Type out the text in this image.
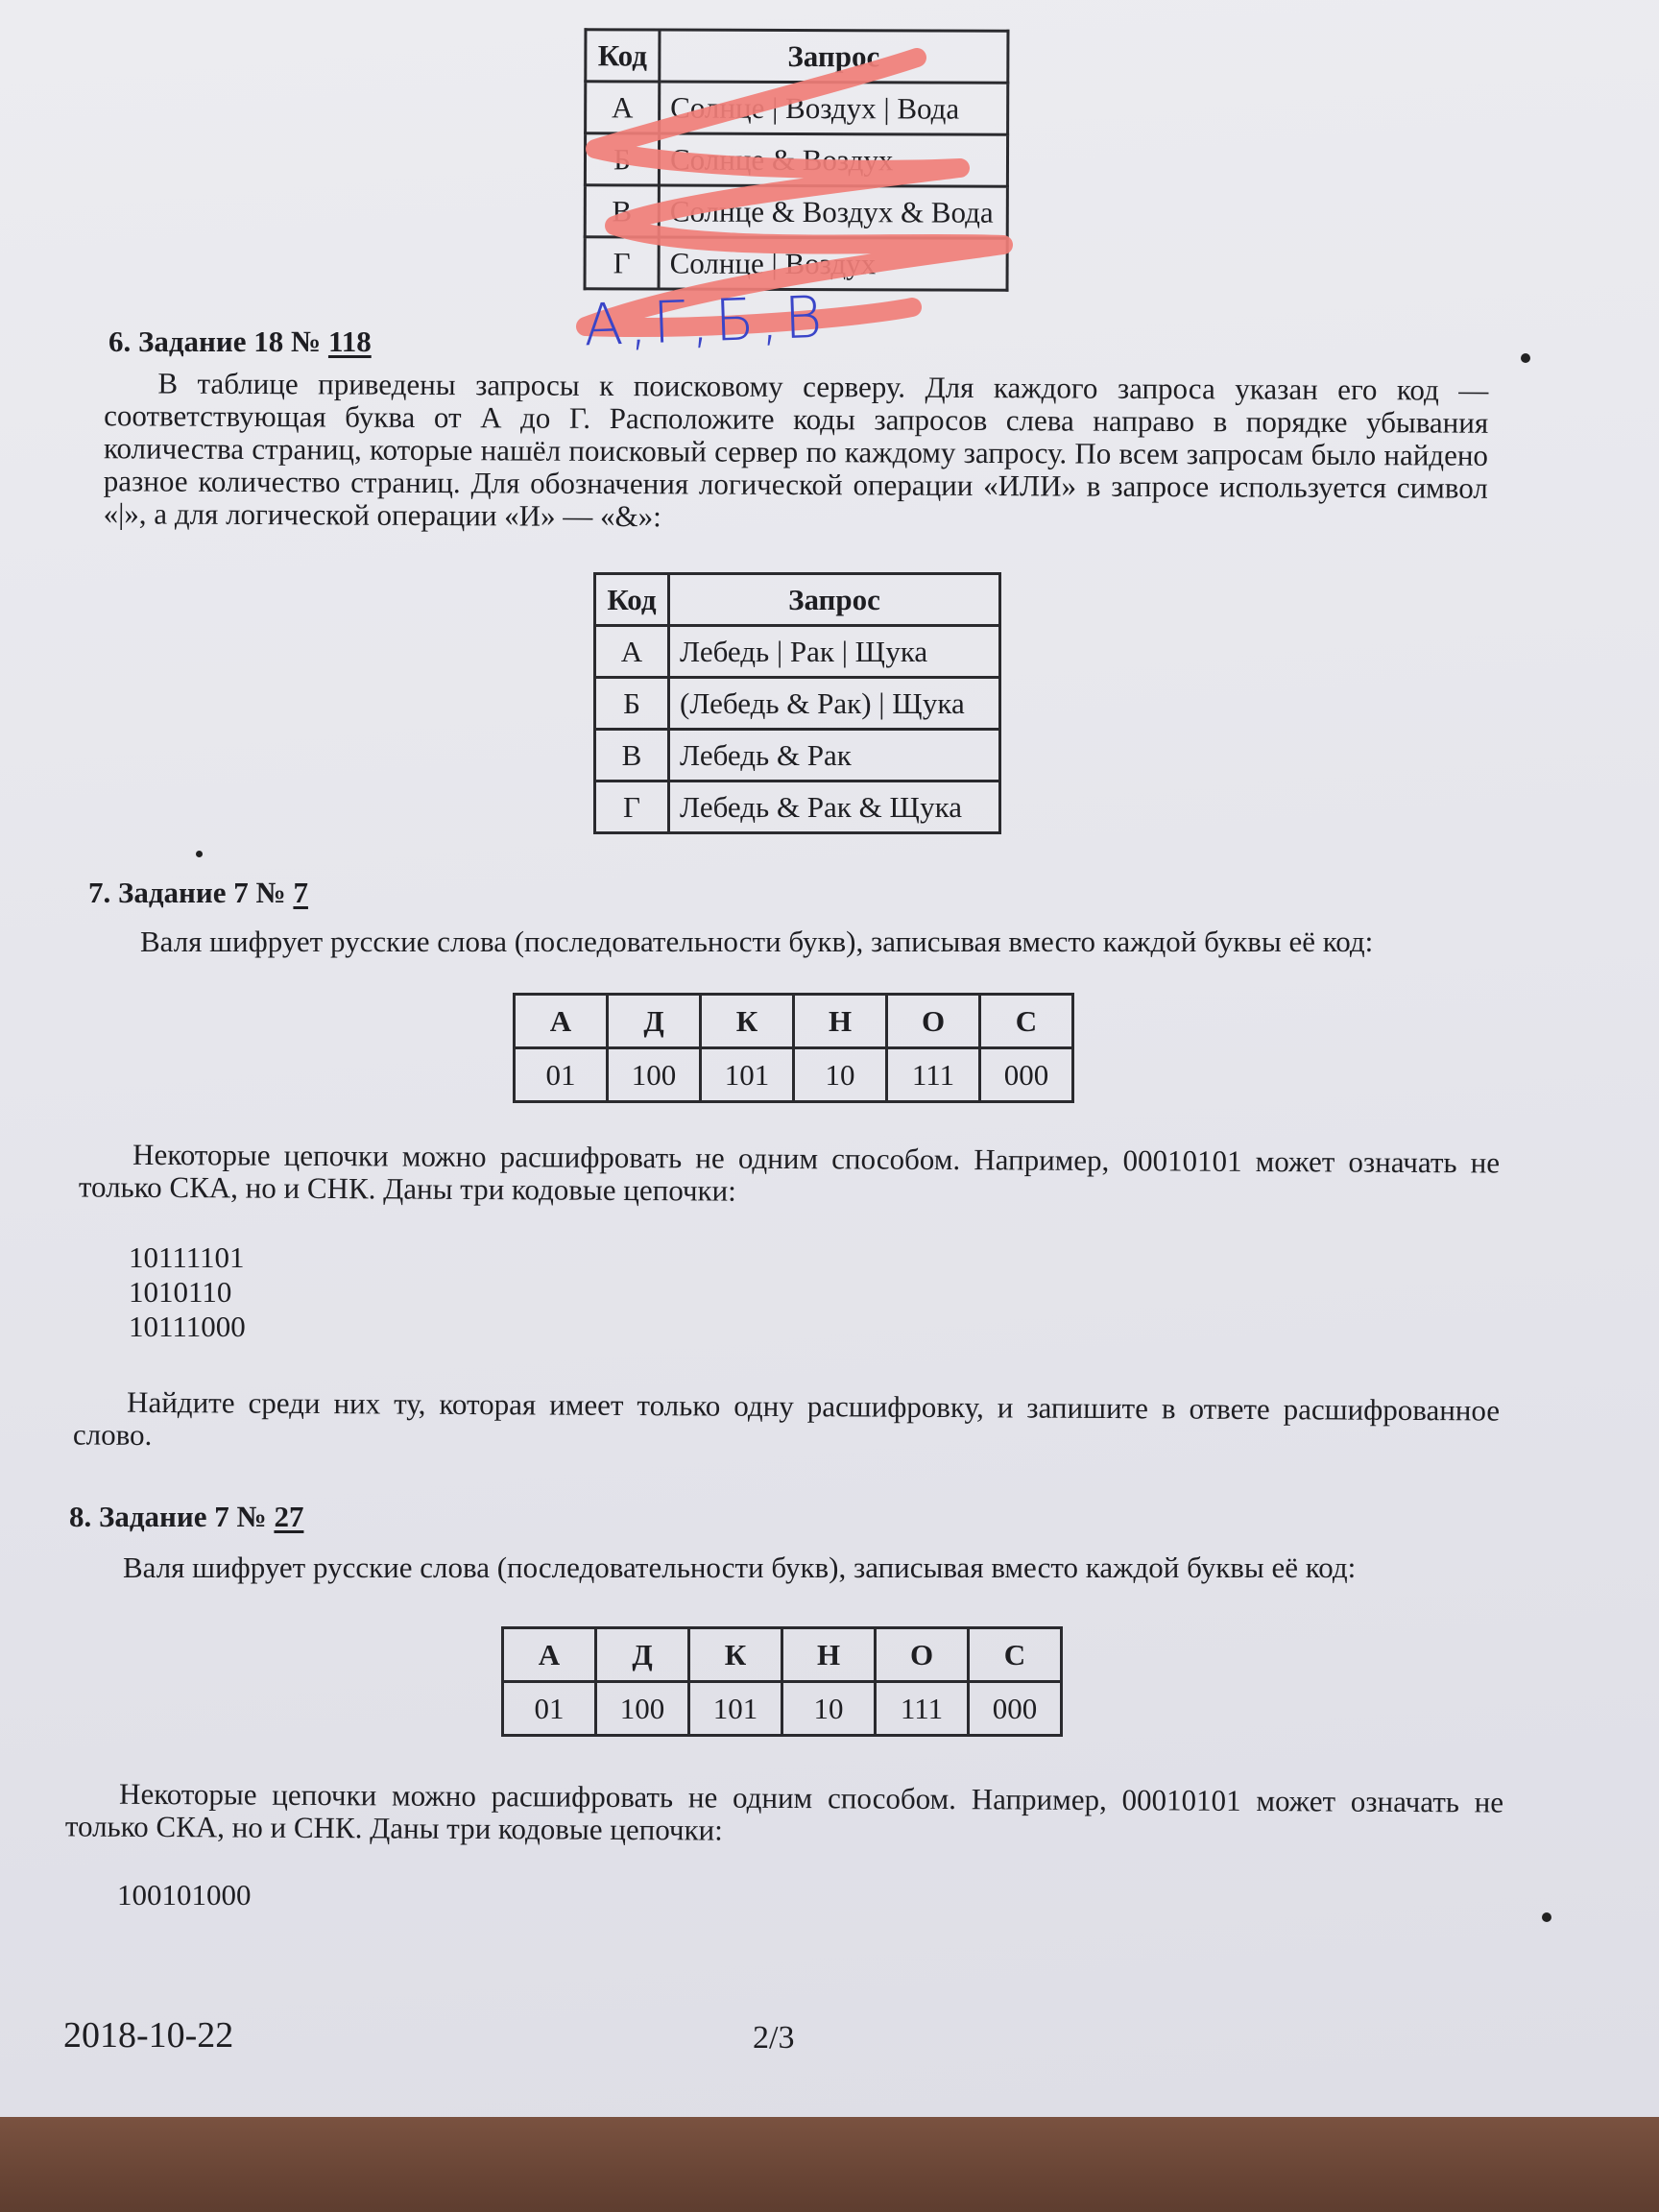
Код	Запрос
А	Солнце | Воздух | Вода
Б	Солнце & Воздух
В	Солнце & Воздух & Вода
Г	Солнце | Воздух
А,Г,Б,В
6. Задание 18 № 118
В таблице приведены запросы к поисковому серверу. Для каждого запроса указан его код — соответствующая буква от А до Г. Расположите коды запросов слева направо в порядке убывания количества страниц, которые нашёл поисковый сервер по каждому запросу. По всем запросам было найдено разное количество страниц. Для обозначения логической операции «ИЛИ» в запросе используется символ «|», а для логической операции «И» — «&»:
Код	Запрос
А	Лебедь | Рак | Щука
Б	(Лебедь & Рак) | Щука
В	Лебедь & Рак
Г	Лебедь & Рак & Щука
7. Задание 7 № 7
Валя шифрует русские слова (последовательности букв), записывая вместо каждой буквы её код:
А	Д	К	Н	О	С
01	100	101	10	111	000
Некоторые цепочки можно расшифровать не одним способом. Например, 00010101 может означать не только СКА, но и СНК. Даны три кодовые цепочки:
10111101
1010110
10111000
Найдите среди них ту, которая имеет только одну расшифровку, и запишите в ответе расшифрованное слово.
8. Задание 7 № 27
Валя шифрует русские слова (последовательности букв), записывая вместо каждой буквы её код:
А	Д	К	Н	О	С
01	100	101	10	111	000
Некоторые цепочки можно расшифровать не одним способом. Например, 00010101 может означать не только СКА, но и СНК. Даны три кодовые цепочки:
100101000
2018-10-22	2/3
